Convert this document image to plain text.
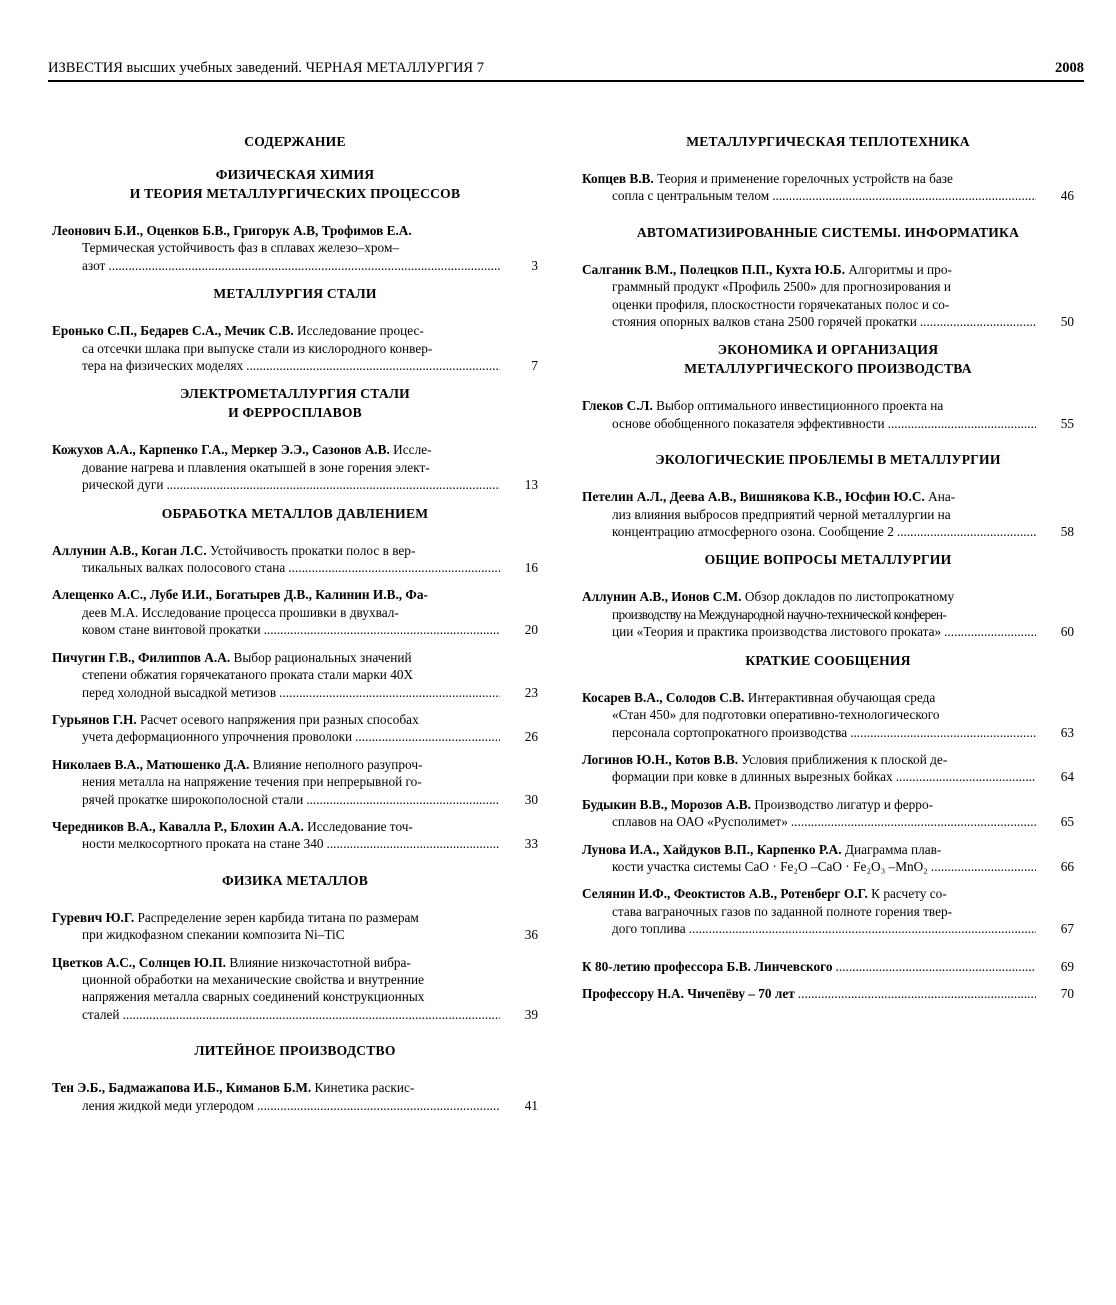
ИЗВЕСТИЯ высших учебных заведений. ЧЕРНАЯ МЕТАЛЛУРГИЯ 7	2008
СОДЕРЖАНИЕ
ФИЗИЧЕСКАЯ ХИМИЯ
И ТЕОРИЯ МЕТАЛЛУРГИЧЕСКИХ ПРОЦЕССОВ
Леонович Б.И., Оценков Б.В., Григорук А.В, Трофимов Е.А.
Термическая устойчивость фаз в сплавах железо–хром–
азот .....	3
МЕТАЛЛУРГИЯ СТАЛИ
Еронько С.П., Бедарев С.А., Мечик С.В. Исследование процес-
са отсечки шлака при выпуске стали из кислородного конвер-
тера на физических моделях .....	7
ЭЛЕКТРОМЕТАЛЛУРГИЯ СТАЛИ
И ФЕРРОСПЛАВОВ
Кожухов А.А., Карпенко Г.А., Меркер Э.Э., Сазонов А.В. Иссле-
дование нагрева и плавления окатышей в зоне горения элект-
рической дуги .....	13
ОБРАБОТКА МЕТАЛЛОВ ДАВЛЕНИЕМ
Аллунин А.В., Коган Л.С. Устойчивость прокатки полос в вер-
тикальных валках полосового стана .....	16
Алещенко А.С., Лубе И.И., Богатырев Д.В., Калинин И.В., Фа-
деев М.А. Исследование процесса прошивки в двухвал-
ковом стане винтовой прокатки .....	20
Пичугин Г.В., Филиппов А.А. Выбор рациональных значений
степени обжатия горячекатаного проката стали марки 40Х
перед холодной высадкой метизов .....	23
Гурьянов Г.Н. Расчет осевого напряжения при разных способах
учета деформационного упрочнения проволоки .....	26
Николаев В.А., Матюшенко Д.А. Влияние неполного разупроч-
нения металла на напряжение течения при непрерывной го-
рячей прокатке широкополосной стали .....	30
Чередников В.А., Кавалла Р., Блохин А.А. Исследование точ-
ности мелкосортного проката на стане 340 .....	33
ФИЗИКА МЕТАЛЛОВ
Гуревич Ю.Г. Распределение зерен карбида титана по размерам
при жидкофазном спекании композита Ni–TiC	36
Цветков А.С., Солнцев Ю.П. Влияние низкочастотной вибра-
ционной обработки на механические свойства и внутренние
напряжения металла сварных соединений конструкционных
сталей .....	39
ЛИТЕЙНОЕ ПРОИЗВОДСТВО
Тен Э.Б., Бадмажапова И.Б., Киманов Б.М. Кинетика раскис-
ления жидкой меди углеродом .....	41
МЕТАЛЛУРГИЧЕСКАЯ ТЕПЛОТЕХНИКА
Копцев В.В. Теория и применение горелочных устройств на базе
сопла с центральным телом .....	46
АВТОМАТИЗИРОВАННЫЕ СИСТЕМЫ. ИНФОРМАТИКА
Салганик В.М., Полецков П.П., Кухта Ю.Б. Алгоритмы и про-
граммный продукт «Профиль 2500» для прогнозирования и
оценки профиля, плоскостности горячекатаных полос и со-
стояния опорных валков стана 2500 горячей прокатки .....	50
ЭКОНОМИКА И ОРГАНИЗАЦИЯ
МЕТАЛЛУРГИЧЕСКОГО ПРОИЗВОДСТВА
Глеков С.Л. Выбор оптимального инвестиционного проекта на
основе обобщенного показателя эффективности .....	55
ЭКОЛОГИЧЕСКИЕ ПРОБЛЕМЫ В МЕТАЛЛУРГИИ
Петелин А.Л., Деева А.В., Вишнякова К.В., Юсфин Ю.С. Ана-
лиз влияния выбросов предприятий черной металлургии на
концентрацию атмосферного озона. Сообщение 2 .....	58
ОБЩИЕ ВОПРОСЫ МЕТАЛЛУРГИИ
Аллунин А.В., Ионов С.М. Обзор докладов по листопрокатному
производству на Международной научно-технической конферен-
ции «Теория и практика производства листового проката» .....	60
КРАТКИЕ СООБЩЕНИЯ
Косарев В.А., Солодов С.В. Интерактивная обучающая среда
«Стан 450» для подготовки оперативно-технологического
персонала сортопрокатного производства .....	63
Логинов Ю.Н., Котов В.В. Условия приближения к плоской де-
формации при ковке в длинных вырезных бойках .....	64
Будыкин В.В., Морозов А.В. Производство лигатур и ферро-
сплавов на ОАО «Русполимет» .....	65
Лунова И.А., Хайдуков В.П., Карпенко Р.А. Диаграмма плав-
кости участка системы CaO · Fe₂O –CaO · Fe₂O₃ –MnO₂ .....	66
Селянин И.Ф., Феоктистов А.В., Ротенберг О.Г. К расчету со-
става ваграночных газов по заданной полноте горения твер-
дого топлива .....	67
К 80-летию профессора Б.В. Линчевского .....	69
Профессору Н.А. Чичепёву – 70 лет .....	70
